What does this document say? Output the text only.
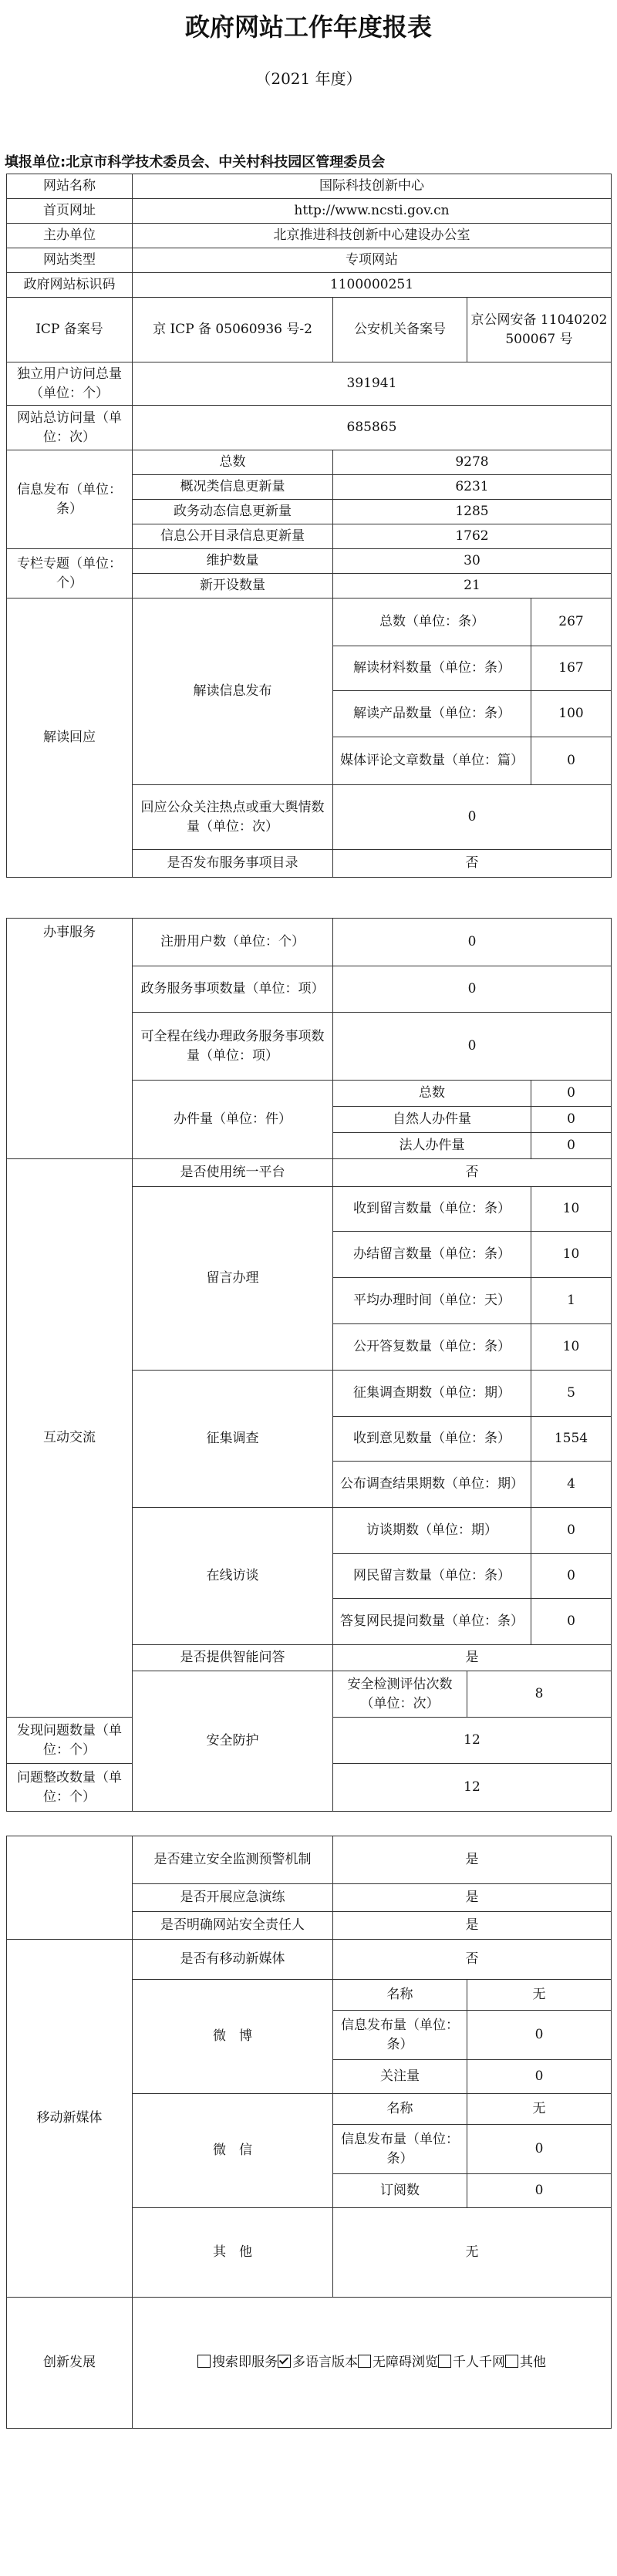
政府网站工作年度报表
（2021 年度）
填报单位:北京市科学技术委员会、中关村科技园区管理委员会
网站名称	国际科技创新中心			
首页网址	http://www.ncsti.gov.cn			
主办单位	北京推进科技创新中心建设办公室			
网站类型	专项网站			
政府网站标识码	1100000251			
ICP 备案号	京 ICP 备 05060936 号-2	公安机关备案号	京公网安备 11040202500067 号	
独立用户访问总量（单位：个）	391941			
网站总访问量（单位：次）	685865			
信息发布（单位：条）	总数	9278		
	概况类信息更新量	6231		
	政务动态信息更新量	1285		
	信息公开目录信息更新量	1762		
专栏专题（单位：个）	维护数量	30		
	新开设数量	21		
解读回应	解读信息发布	总数（单位：条）		267
		解读材料数量（单位：条）		167
		解读产品数量（单位：条）		100
		媒体评论文章数量（单位：篇）		0
	回应公众关注热点或重大舆情数量（单位：次）	0		
	是否发布服务事项目录	否		
办事服务	注册用户数（单位：个）	0		
	政务服务事项数量（单位：项）	0		
	可全程在线办理政务服务事项数量（单位：项）	0		
	办件量（单位：件）	总数		0
		自然人办件量		0
		法人办件量		0
互动交流	是否使用统一平台	否		
	留言办理	收到留言数量（单位：条）		10
		办结留言数量（单位：条）		10
		平均办理时间（单位：天）		1
		公开答复数量（单位：条）		10
	征集调查	征集调查期数（单位：期）		5
		收到意见数量（单位：条）		1554
		公布调查结果期数（单位：期）		4
	在线访谈	访谈期数（单位：期）		0
		网民留言数量（单位：条）		0
		答复网民提问数量（单位：条）		0
	是否提供智能问答	是		
	安全防护	安全检测评估次数（单位：次）	8	
发现问题数量（单位：个）		12		
问题整改数量（单位：个）		12		
	是否建立安全监测预警机制	是	
	是否开展应急演练	是	
	是否明确网站安全责任人	是	
移动新媒体	是否有移动新媒体	否	
	微　博	名称	无
		信息发布量（单位：条）	0
		关注量	0
	微　信	名称	无
		信息发布量（单位：条）	0
		订阅数	0
	其　他	无	
创新发展	搜索即服务 多语言版本 无障碍浏览 千人千网 其他		
